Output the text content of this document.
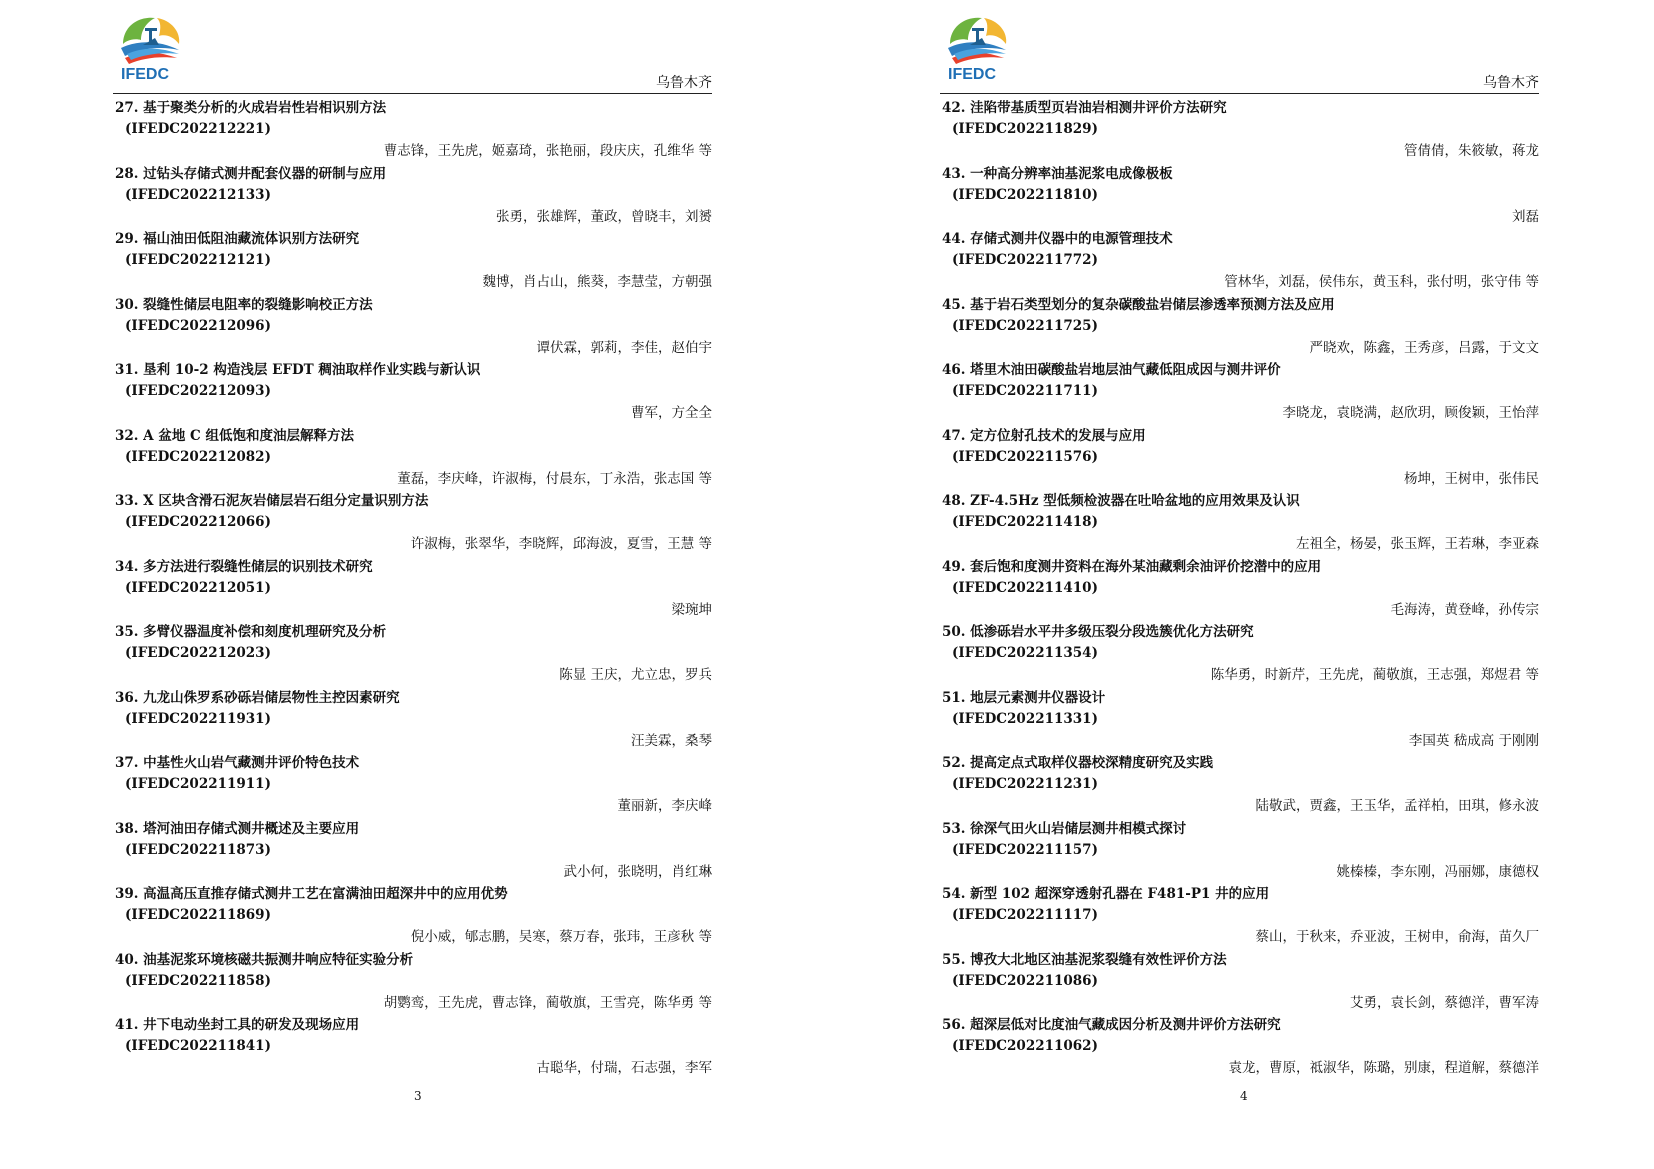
IFEDC	乌鲁木齐
27. 基于聚类分析的火成岩岩性岩相识别方法
(IFEDC202212221)
曹志锋，王先虎，姬嘉琦，张艳丽，段庆庆，孔维华 等
28. 过钻头存储式测井配套仪器的研制与应用
(IFEDC202212133)
张勇，张雄辉，董政，曾晓丰，刘赟
29. 福山油田低阻油藏流体识别方法研究
(IFEDC202212121)
魏博，肖占山，熊葵，李慧莹，方朝强
30. 裂缝性储层电阻率的裂缝影响校正方法
(IFEDC202212096)
谭伏霖，郭莉，李佳，赵伯宇
31. 垦利 10-2 构造浅层 EFDT 稠油取样作业实践与新认识
(IFEDC202212093)
曹军，方全全
32. A 盆地 C 组低饱和度油层解释方法
(IFEDC202212082)
董磊，李庆峰，许淑梅，付晨东，丁永浩，张志国 等
33. X 区块含滑石泥灰岩储层岩石组分定量识别方法
(IFEDC202212066)
许淑梅，张翠华，李晓辉，邱海波，夏雪，王慧 等
34. 多方法进行裂缝性储层的识别技术研究
(IFEDC202212051)
梁琬坤
35. 多臂仪器温度补偿和刻度机理研究及分析
(IFEDC202212023)
陈显 王庆，尤立忠，罗兵
36. 九龙山侏罗系砂砾岩储层物性主控因素研究
(IFEDC202211931)
汪美霖，桑琴
37. 中基性火山岩气藏测井评价特色技术
(IFEDC202211911)
董丽新，李庆峰
38. 塔河油田存储式测井概述及主要应用
(IFEDC202211873)
武小何，张晓明，肖红琳
39. 高温高压直推存储式测井工艺在富满油田超深井中的应用优势
(IFEDC202211869)
倪小威，郇志鹏，吴寒，蔡万春，张玮，王彦秋 等
40. 油基泥浆环境核磁共振测井响应特征实验分析
(IFEDC202211858)
胡鹦鸾，王先虎，曹志锋，蔺敬旗，王雪亮，陈华勇 等
41. 井下电动坐封工具的研发及现场应用
(IFEDC202211841)
古聪华，付瑞，石志强，李军
3
IFEDC	乌鲁木齐
42. 洼陷带基质型页岩油岩相测井评价方法研究
(IFEDC202211829)
管倩倩，朱筱敏，蒋龙
43. 一种高分辨率油基泥浆电成像极板
(IFEDC202211810)
刘磊
44. 存储式测井仪器中的电源管理技术
(IFEDC202211772)
管林华，刘磊，侯伟东，黄玉科，张付明，张守伟 等
45. 基于岩石类型划分的复杂碳酸盐岩储层渗透率预测方法及应用
(IFEDC202211725)
严晓欢，陈鑫，王秀彦，吕露，于文文
46. 塔里木油田碳酸盐岩地层油气藏低阻成因与测井评价
(IFEDC202211711)
李晓龙，袁晓满，赵欣玥，顾俊颖，王怡萍
47. 定方位射孔技术的发展与应用
(IFEDC202211576)
杨坤，王树申，张伟民
48. ZF-4.5Hz 型低频检波器在吐哈盆地的应用效果及认识
(IFEDC202211418)
左祖全，杨晏，张玉辉，王若琳，李亚森
49. 套后饱和度测井资料在海外某油藏剩余油评价挖潜中的应用
(IFEDC202211410)
毛海涛，黄登峰，孙传宗
50. 低渗砾岩水平井多级压裂分段选簇优化方法研究
(IFEDC202211354)
陈华勇，时新芹，王先虎，蔺敬旗，王志强，郑煜君 等
51. 地层元素测井仪器设计
(IFEDC202211331)
李国英 嵇成高 于刚刚
52. 提高定点式取样仪器校深精度研究及实践
(IFEDC202211231)
陆敬武，贾鑫，王玉华，孟祥柏，田琪，修永波
53. 徐深气田火山岩储层测井相模式探讨
(IFEDC202211157)
姚榛榛，李东刚，冯丽娜，康德权
54. 新型 102 超深穿透射孔器在 F481-P1 井的应用
(IFEDC202211117)
蔡山，于秋来，乔亚波，王树申，俞海，苗久厂
55. 博孜大北地区油基泥浆裂缝有效性评价方法
(IFEDC202211086)
艾勇，袁长剑，蔡德洋，曹军涛
56. 超深层低对比度油气藏成因分析及测井评价方法研究
(IFEDC202211062)
袁龙，曹原，祗淑华，陈璐，别康，程道解，蔡德洋
4
